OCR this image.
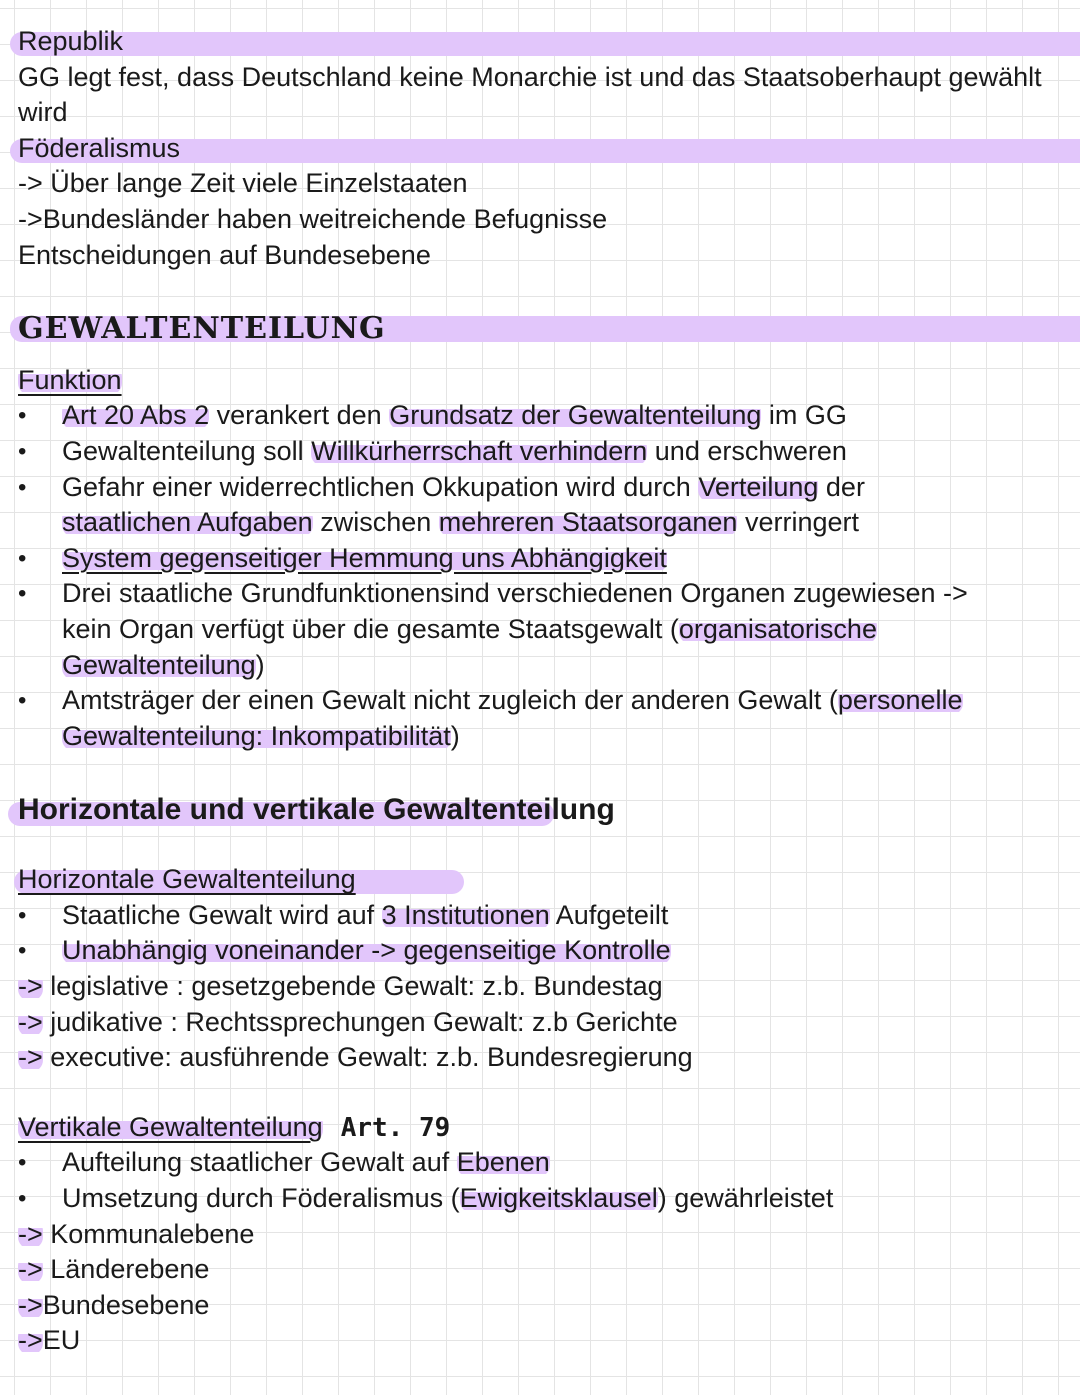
Republik
GG legt fest, dass Deutschland keine Monarchie ist und das Staatsoberhaupt gewählt
wird
Föderalismus
-> Über lange Zeit viele Einzelstaaten
->Bundesländer haben weitreichende Befugnisse
Entscheidungen auf Bundesebene
GEWALTENTEILUNG
Funktion
• Art 20 Abs 2 verankert den Grundsatz der Gewaltenteilung im GG
• Gewaltenteilung soll Willkürherrschaft verhindern und erschweren
• Gefahr einer widerrechtlichen Okkupation wird durch Verteilung der
staatlichen Aufgaben zwischen mehreren Staatsorganen verringert
• System gegenseitiger Hemmung uns Abhängigkeit
• Drei staatliche Grundfunktionensind verschiedenen Organen zugewiesen ->
kein Organ verfügt über die gesamte Staatsgewalt (organisatorische
Gewaltenteilung)
• Amtsträger der einen Gewalt nicht zugleich der anderen Gewalt (personelle
Gewaltenteilung: Inkompatibilität)
Horizontale und vertikale Gewaltenteilung
Horizontale Gewaltenteilung
• Staatliche Gewalt wird auf 3 Institutionen Aufgeteilt
• Unabhängig voneinander -> gegenseitige Kontrolle
-> legislative : gesetzgebende Gewalt: z.b. Bundestag
-> judikative : Rechtssprechungen Gewalt: z.b Gerichte
-> executive: ausführende Gewalt: z.b. Bundesregierung
Vertikale Gewaltenteilung Art. 79
• Aufteilung staatlicher Gewalt auf Ebenen
• Umsetzung durch Föderalismus (Ewigkeitsklausel) gewährleistet
-> Kommunalebene
-> Länderebene
->Bundesebene
->EU
